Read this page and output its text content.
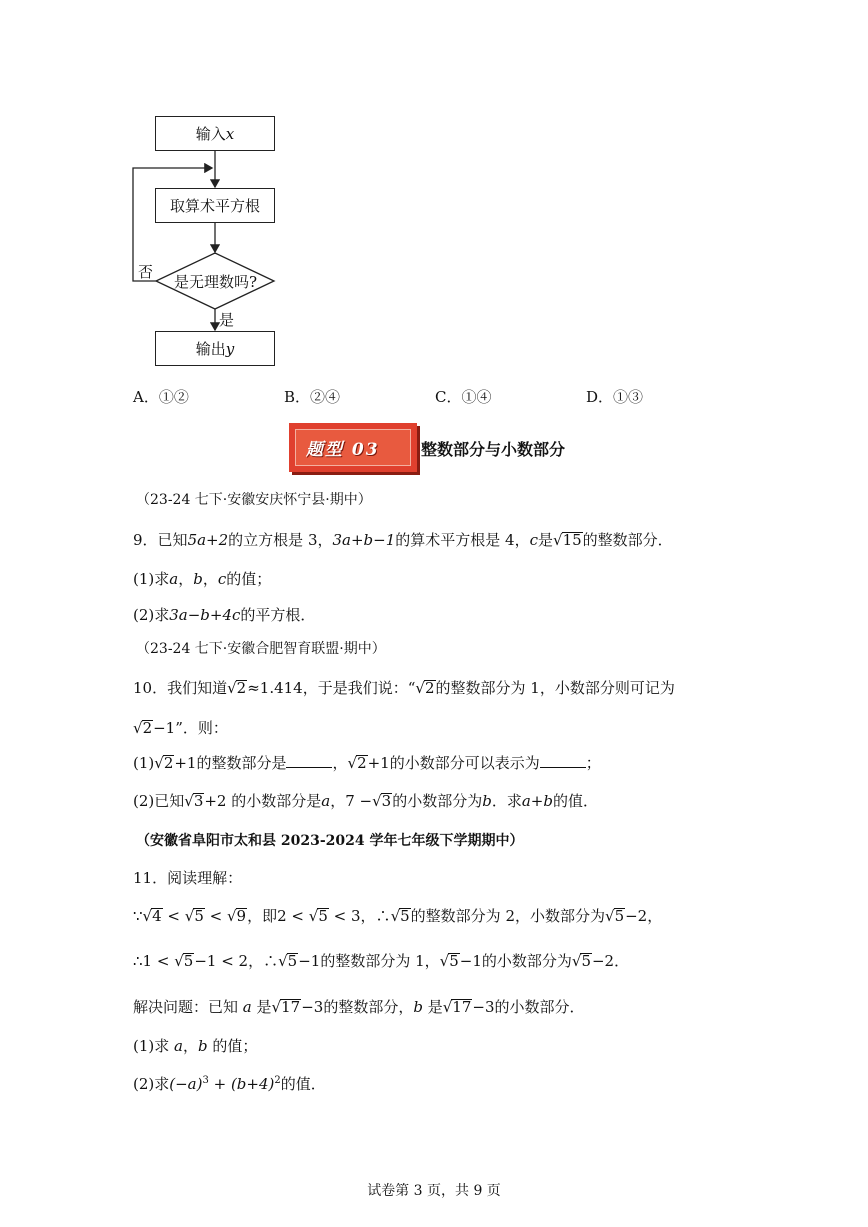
输入 x
取算术平方根
是无理数吗?
否
是
输出 y
A．①②	B．②④	C．①④	D．①③
题型 03	整数部分与小数部分
（23-24 七下·安徽安庆怀宁县·期中）
9．已知5a+2的立方根是 3，3a+b−1的算术平方根是 4，c是√15的整数部分．
(1)求a，b，c的值；
(2)求3a−b+4c的平方根．
（23-24 七下·安徽合肥智育联盟·期中）
10．我们知道√2≈1.414，于是我们说：“√2的整数部分为 1，小数部分则可记为
√2−1”．则：
(1)√2+1的整数部分是	，√2+1的小数部分可以表示为	；
(2)已知√3+2 的小数部分是a，7 −√3的小数部分为b．求a+b的值．
（安徽省阜阳市太和县 2023-2024 学年七年级下学期期中）
11．阅读理解：
∵√4 < √5 < √9，即2 < √5 < 3，∴√5的整数部分为 2，小数部分为√5−2，
∴1 < √5−1 < 2，∴√5−1的整数部分为 1，√5−1的小数部分为√5−2．
解决问题：已知 a 是√17−3的整数部分，b 是√17−3的小数部分．
(1)求 a，b 的值；
(2)求$(-a)^3 + (b+4)^2$的值．
试卷第 3 页，共 9 页
